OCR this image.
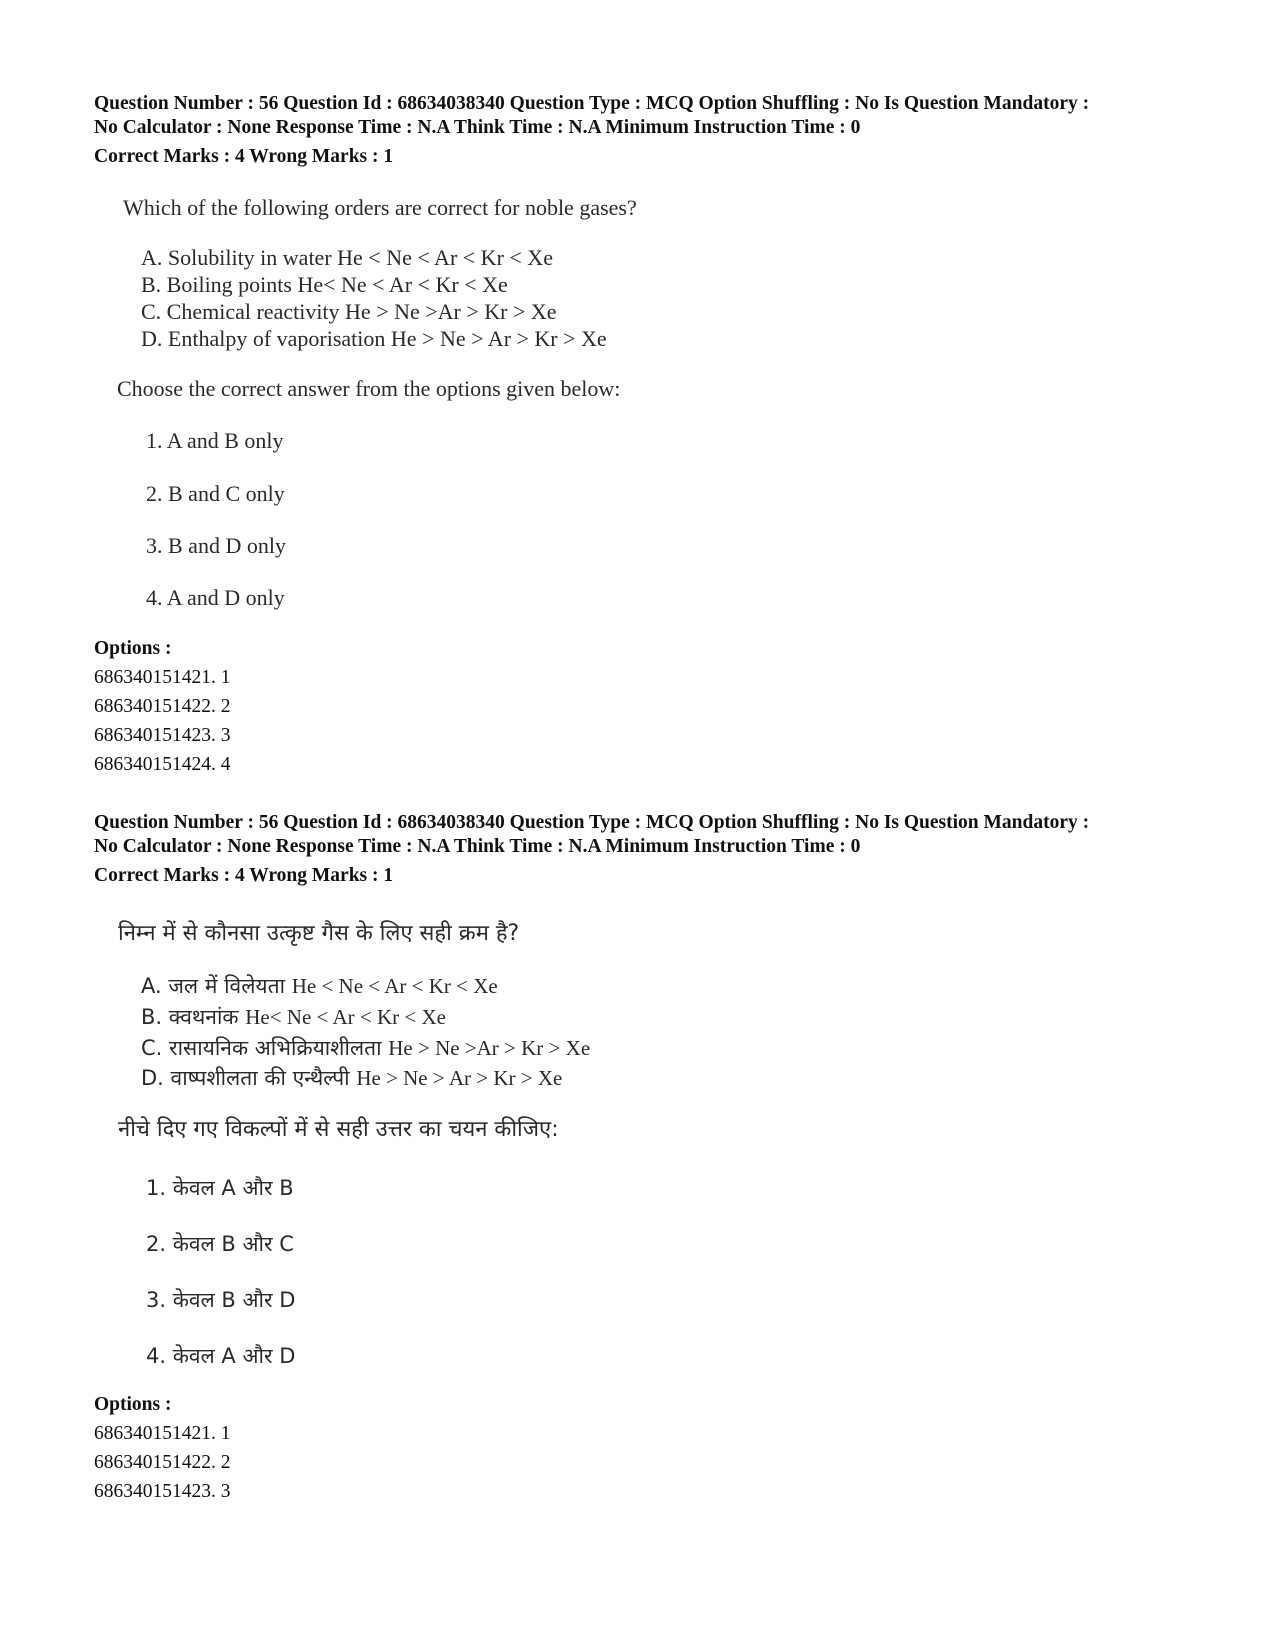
Question Number : 56 Question Id : 68634038340 Question Type : MCQ Option Shuffling : No Is Question Mandatory :
No Calculator : None Response Time : N.A Think Time : N.A Minimum Instruction Time : 0
Correct Marks : 4 Wrong Marks : 1
Which of the following orders are correct for noble gases?
A. Solubility in water He < Ne < Ar < Kr < Xe
B. Boiling points He< Ne < Ar < Kr < Xe
C. Chemical reactivity He > Ne >Ar > Kr > Xe
D. Enthalpy of vaporisation He > Ne > Ar > Kr > Xe
Choose the correct answer from the options given below:
1. A and B only
2. B and C only
3. B and D only
4. A and D only
Options :
686340151421. 1
686340151422. 2
686340151423. 3
686340151424. 4
Question Number : 56 Question Id : 68634038340 Question Type : MCQ Option Shuffling : No Is Question Mandatory :
No Calculator : None Response Time : N.A Think Time : N.A Minimum Instruction Time : 0
Correct Marks : 4 Wrong Marks : 1
निम्न में से कौनसा उत्कृष्ट गैस के लिए सही क्रम है?
A. जल में विलेयता He < Ne < Ar < Kr < Xe
B. क्वथनांक He< Ne < Ar < Kr < Xe
C. रासायनिक अभिक्रियाशीलता He > Ne >Ar > Kr > Xe
D. वाष्पशीलता की एन्थैल्पी He > Ne > Ar > Kr > Xe
नीचे दिए गए विकल्पों में से सही उत्तर का चयन कीजिए:
1. केवल A और B
2. केवल B और C
3. केवल B और D
4. केवल A और D
Options :
686340151421. 1
686340151422. 2
686340151423. 3
